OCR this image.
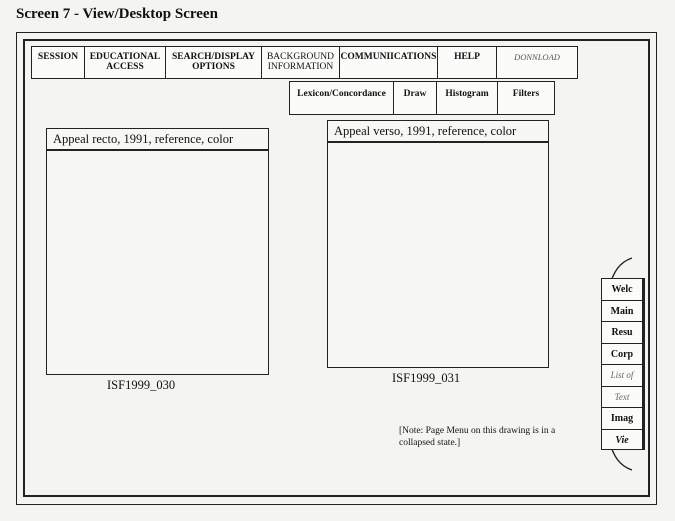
Screen 7 - View/Desktop Screen
SESSION	EDUCATIONAL
ACCESS
SEARCH/DISPLAY
OPTIONS
BACKGROUND
INFORMATION
COMMUNIICATIONS	HELP	DONNLOAD
Lexicon/Concordance	Draw	Histogram	Filters
Appeal recto, 1991, reference, color
ISF1999_030
Appeal verso, 1991, reference, color
ISF1999_031
[Note: Page Menu on this drawing is in a collapsed state.]
Welc
Main
Resu
Corp
List of
Text
Imag
Vie
